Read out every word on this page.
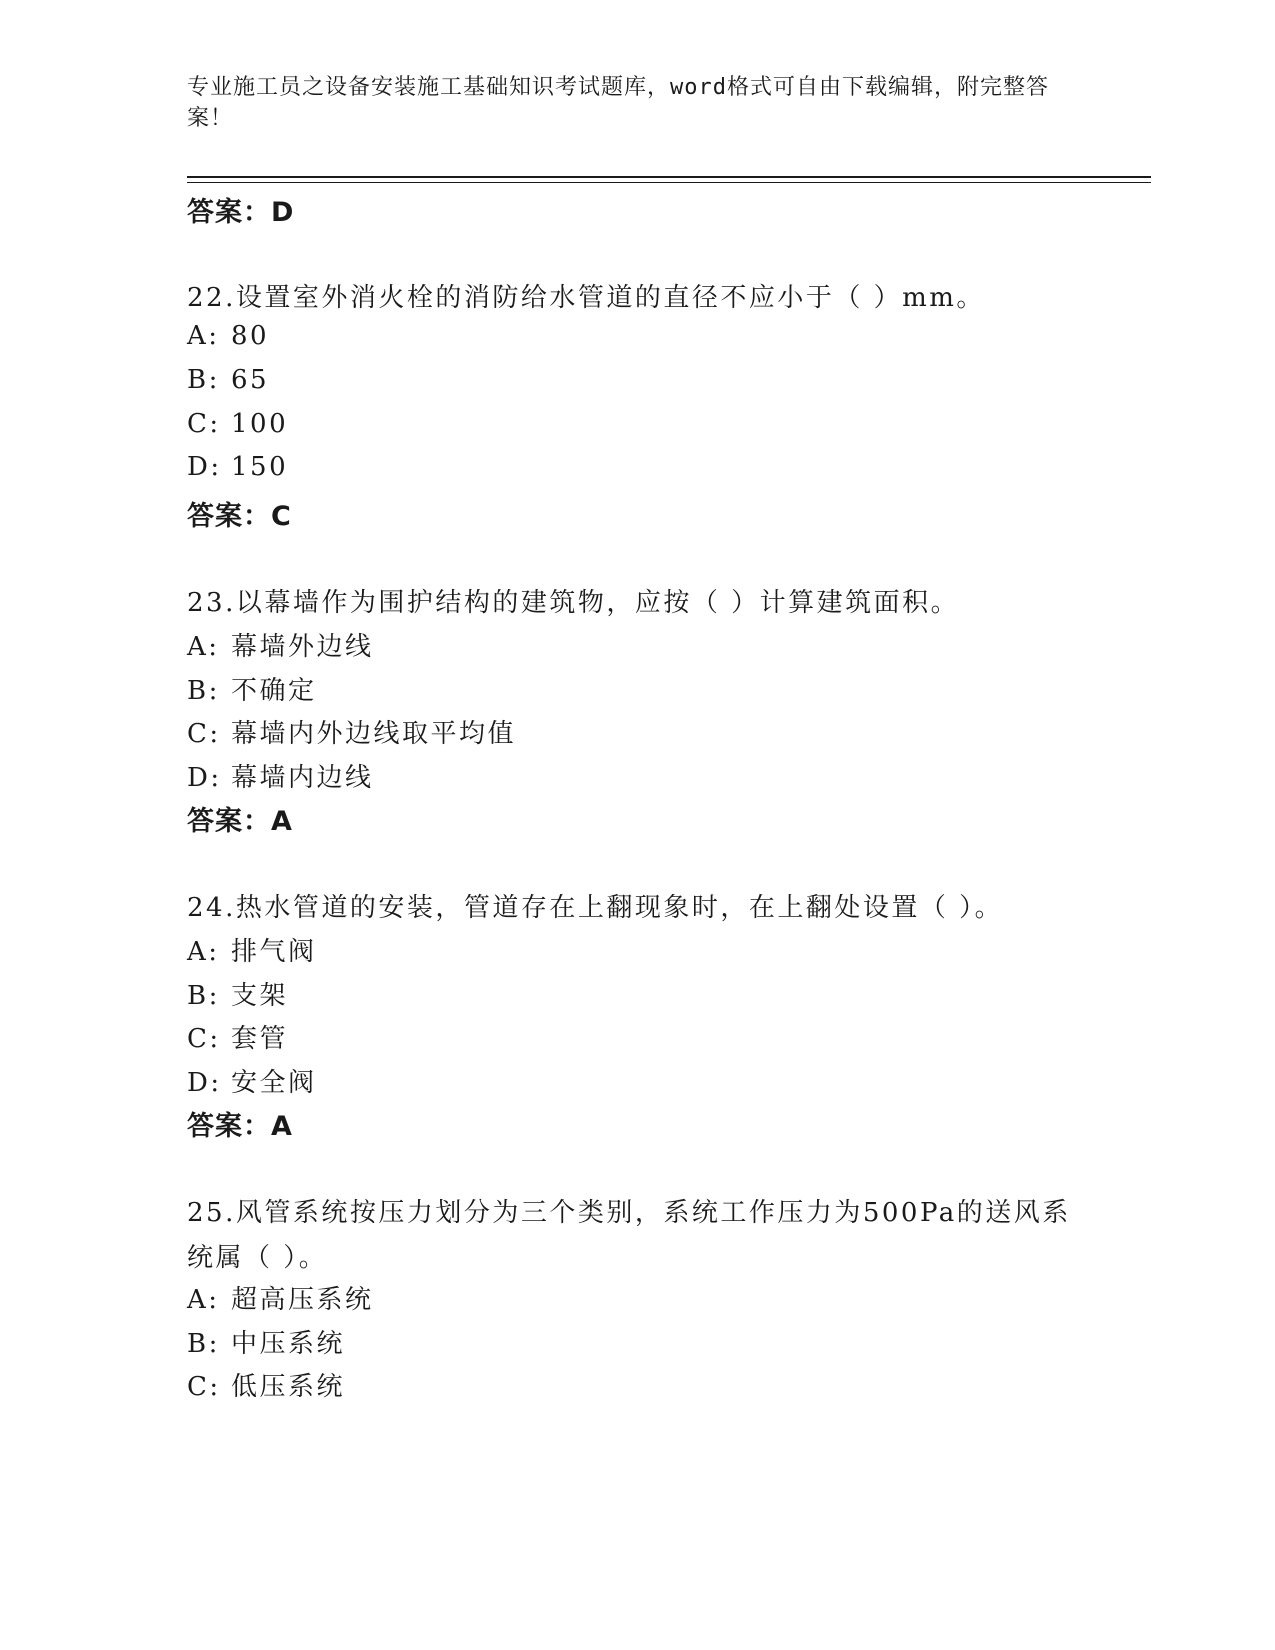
专业施工员之设备安装施工基础知识考试题库，word格式可自由下载编辑，附完整答案！
答案：D
22.设置室外消火栓的消防给水管道的直径不应小于（ ）mm。
A: 80
B: 65
C: 100
D: 150
答案：C
23.以幕墙作为围护结构的建筑物，应按（ ）计算建筑面积。
A: 幕墙外边线
B: 不确定
C: 幕墙内外边线取平均值
D: 幕墙内边线
答案：A
24.热水管道的安装，管道存在上翻现象时，在上翻处设置（ ）。
A: 排气阀
B: 支架
C: 套管
D: 安全阀
答案：A
25.风管系统按压力划分为三个类别，系统工作压力为500Pa的送风系统属（ ）。
A: 超高压系统
B: 中压系统
C: 低压系统
